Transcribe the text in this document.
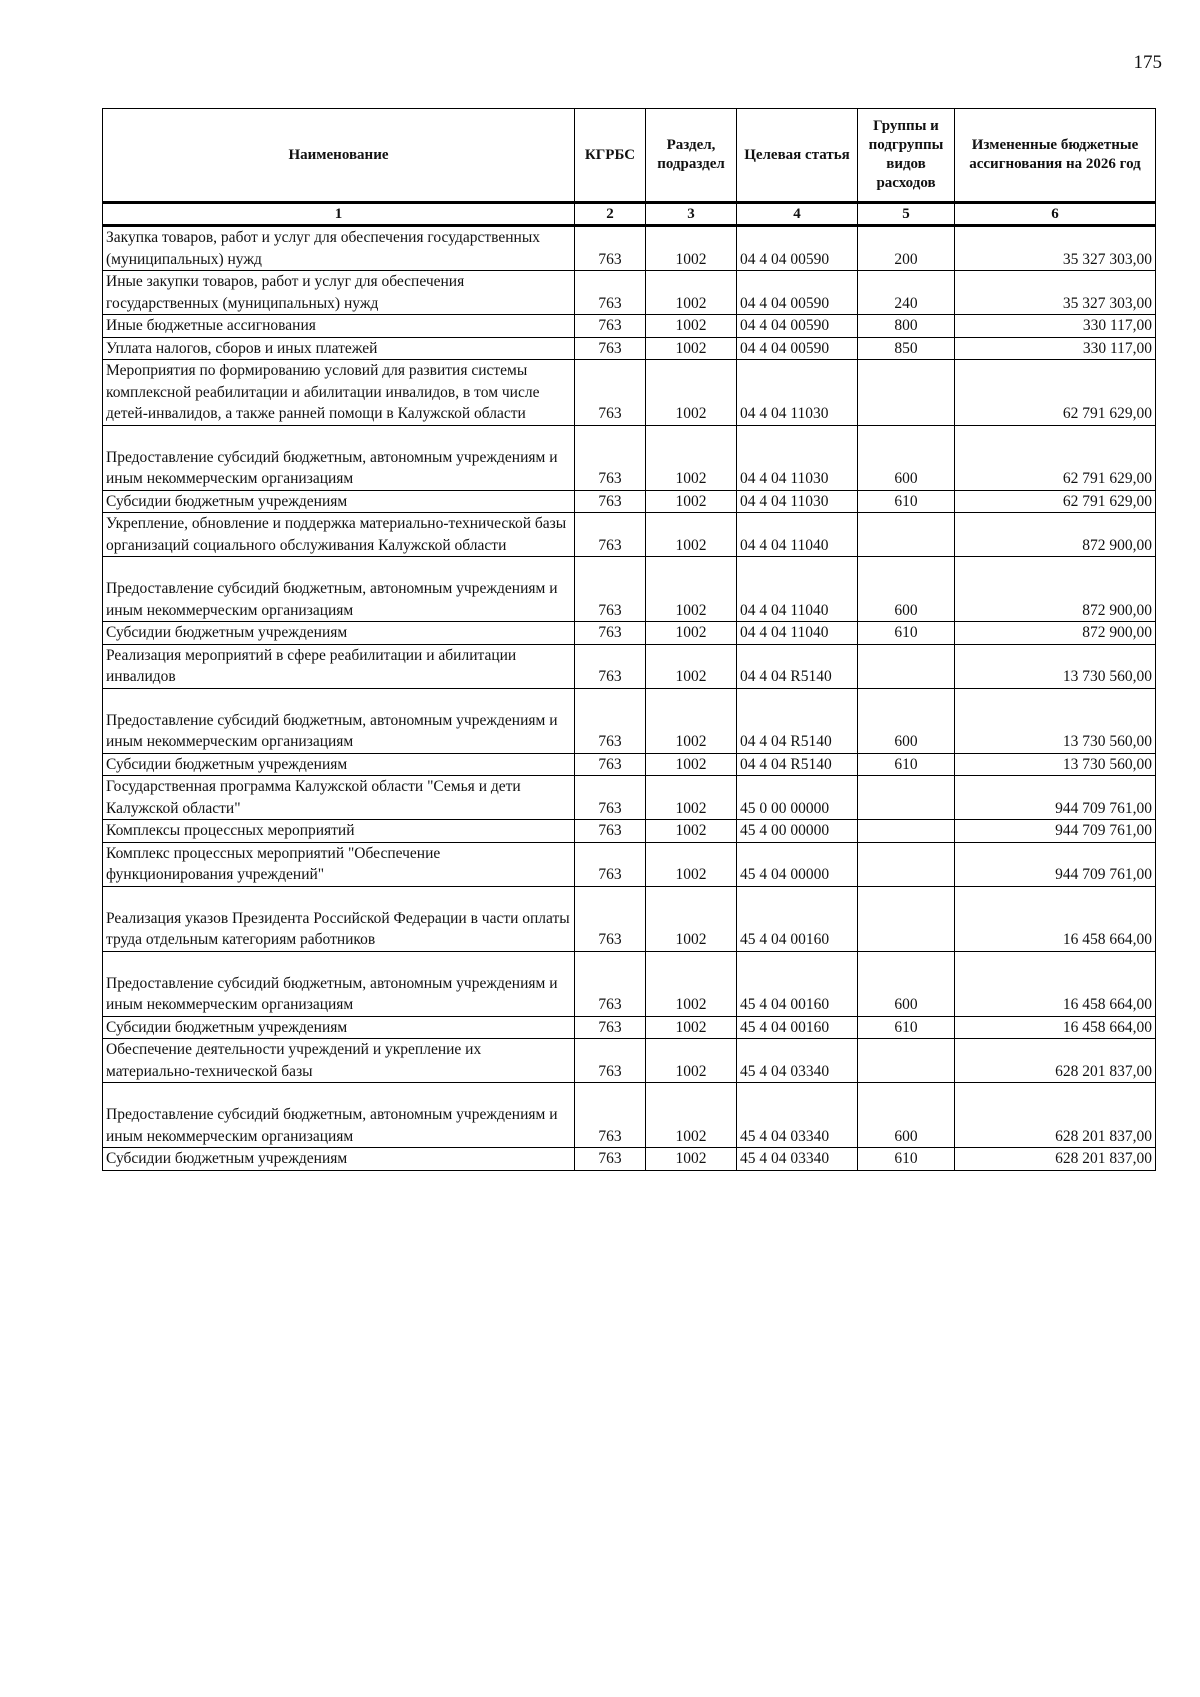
175
Наименование	КГРБС	Раздел, подраздел	Целевая статья	Группы и подгруппы видов расходов	Измененные бюджетные ассигнования на 2026 год
1	2	3	4	5	6
Закупка товаров, работ и услуг для обеспечения государственных (муниципальных) нужд	763	1002	04 4 04 00590	200	35 327 303,00
Иные закупки товаров, работ и услуг для обеспечения государственных (муниципальных) нужд	763	1002	04 4 04 00590	240	35 327 303,00
Иные бюджетные ассигнования	763	1002	04 4 04 00590	800	330 117,00
Уплата налогов, сборов и иных платежей	763	1002	04 4 04 00590	850	330 117,00
Мероприятия по формированию условий для развития системы комплексной реабилитации и абилитации инвалидов, в том числе детей-инвалидов, а также ранней помощи в Калужской области	763	1002	04 4 04 11030		62 791 629,00
Предоставление субсидий бюджетным, автономным учреждениям и иным некоммерческим организациям	763	1002	04 4 04 11030	600	62 791 629,00
Субсидии бюджетным учреждениям	763	1002	04 4 04 11030	610	62 791 629,00
Укрепление, обновление и поддержка материально-технической базы организаций социального обслуживания Калужской области	763	1002	04 4 04 11040		872 900,00
Предоставление субсидий бюджетным, автономным учреждениям и иным некоммерческим организациям	763	1002	04 4 04 11040	600	872 900,00
Субсидии бюджетным учреждениям	763	1002	04 4 04 11040	610	872 900,00
Реализация мероприятий в сфере реабилитации и абилитации инвалидов	763	1002	04 4 04 R5140		13 730 560,00
Предоставление субсидий бюджетным, автономным учреждениям и иным некоммерческим организациям	763	1002	04 4 04 R5140	600	13 730 560,00
Субсидии бюджетным учреждениям	763	1002	04 4 04 R5140	610	13 730 560,00
Государственная программа Калужской области "Семья и дети Калужской области"	763	1002	45 0 00 00000		944 709 761,00
Комплексы процессных мероприятий	763	1002	45 4 00 00000		944 709 761,00
Комплекс процессных мероприятий "Обеспечение функционирования учреждений"	763	1002	45 4 04 00000		944 709 761,00
Реализация указов Президента Российской Федерации в части оплаты труда отдельным категориям работников	763	1002	45 4 04 00160		16 458 664,00
Предоставление субсидий бюджетным, автономным учреждениям и иным некоммерческим организациям	763	1002	45 4 04 00160	600	16 458 664,00
Субсидии бюджетным учреждениям	763	1002	45 4 04 00160	610	16 458 664,00
Обеспечение деятельности учреждений и укрепление их материально-технической базы	763	1002	45 4 04 03340		628 201 837,00
Предоставление субсидий бюджетным, автономным учреждениям и иным некоммерческим организациям	763	1002	45 4 04 03340	600	628 201 837,00
Субсидии бюджетным учреждениям	763	1002	45 4 04 03340	610	628 201 837,00
